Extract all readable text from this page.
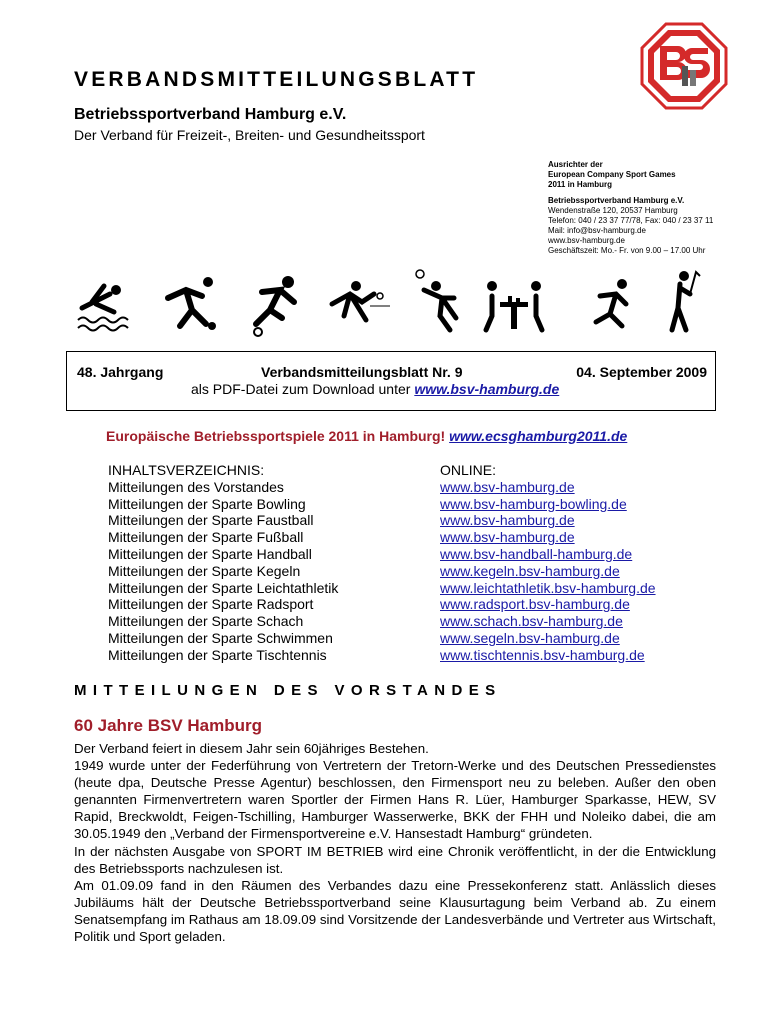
VERBANDSMITTEILUNGSBLATT
Betriebssportverband Hamburg e.V.
Der Verband für Freizeit-, Breiten- und Gesundheitssport
Ausrichter der
European Company Sport Games
2011 in Hamburg
Betriebssportverband Hamburg e.V.
Wendenstraße 120, 20537 Hamburg
Telefon: 040 / 23 37 77/78, Fax: 040 / 23 37 11
Mail: info@bsv-hamburg.de
www.bsv-hamburg.de
Geschäftszeit: Mo.- Fr. von 9.00 – 17.00 Uhr
48. Jahrgang	Verbandsmitteilungsblatt Nr. 9	04. September 2009
als PDF-Datei zum Download unter www.bsv-hamburg.de
Europäische Betriebssportspiele 2011 in Hamburg! www.ecsghamburg2011.de
INHALTSVERZEICHNIS:
Mitteilungen des Vorstandes
Mitteilungen der Sparte Bowling
Mitteilungen der Sparte Faustball
Mitteilungen der Sparte Fußball
Mitteilungen der Sparte Handball
Mitteilungen der Sparte Kegeln
Mitteilungen der Sparte Leichtathletik
Mitteilungen der Sparte Radsport
Mitteilungen der Sparte Schach
Mitteilungen der Sparte Schwimmen
Mitteilungen der Sparte Tischtennis
ONLINE:
www.bsv-hamburg.de
www.bsv-hamburg-bowling.de
www.bsv-hamburg.de
www.bsv-hamburg.de
www.bsv-handball-hamburg.de
www.kegeln.bsv-hamburg.de
www.leichtathletik.bsv-hamburg.de
www.radsport.bsv-hamburg.de
www.schach.bsv-hamburg.de
www.segeln.bsv-hamburg.de
www.tischtennis.bsv-hamburg.de
MITTEILUNGEN DES VORSTANDES
60 Jahre BSV Hamburg

Der Verband feiert in diesem Jahr sein 60jähriges Bestehen.

1949 wurde unter der Federführung von Vertretern der Tretorn-Werke und des Deutschen Pressedienstes (heute dpa, Deutsche Presse Agentur) beschlossen, den Firmensport neu zu beleben. Außer den oben genannten Firmenvertretern waren Sportler der Firmen Hans R. Lüer, Hamburger Sparkasse, HEW, SV Rapid, Breckwoldt, Feigen-Tschilling, Hamburger Wasserwerke, BKK der FHH und Noleiko dabei, die am 30.05.1949 den „Verband der Firmensportvereine e.V. Hansestadt Hamburg“ gründeten.

In der nächsten Ausgabe von SPORT IM BETRIEB wird eine Chronik veröffentlicht, in der die Entwicklung des Betriebssports nachzulesen ist.

Am 01.09.09 fand in den Räumen des Verbandes dazu eine Pressekonferenz statt. Anlässlich dieses Jubiläums hält der Deutsche Betriebssportverband seine Klausurtagung beim Verband ab. Zu einem Senatsempfang im Rathaus am 18.09.09 sind Vorsitzende der Landesverbände und Vertreter aus Wirtschaft, Politik und Sport geladen.
